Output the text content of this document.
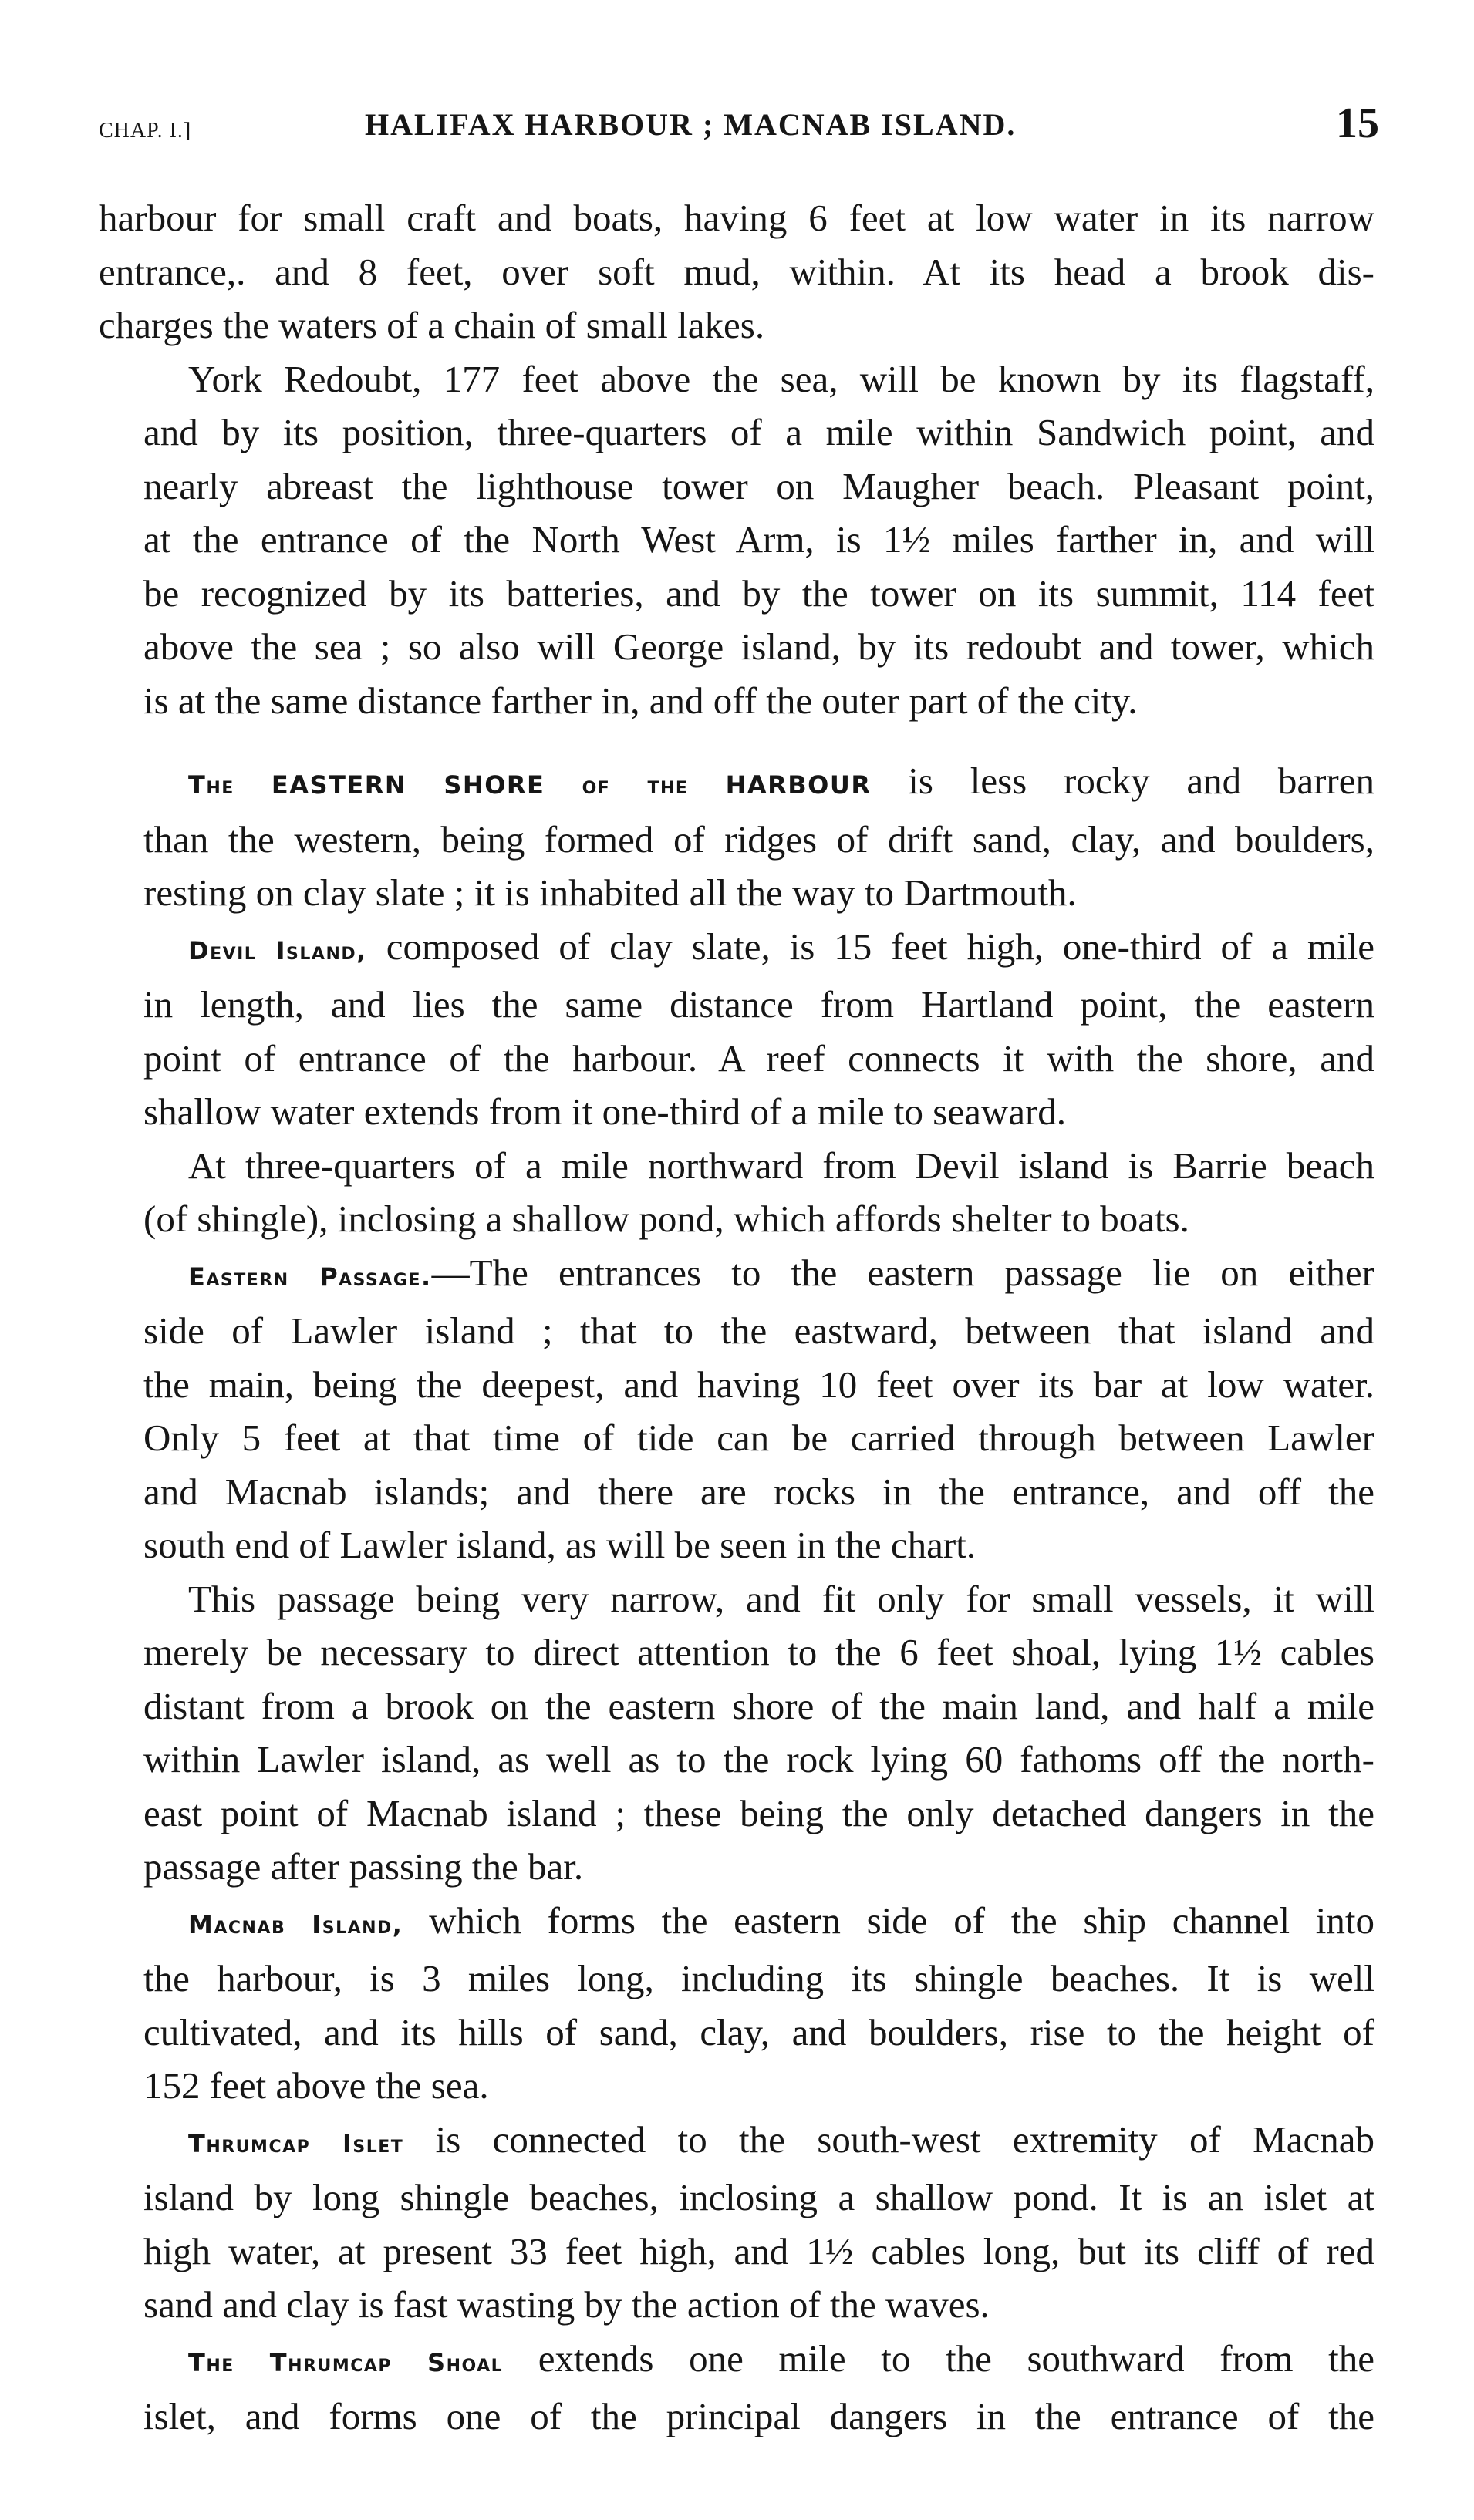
CHAP. I.]	HALIFAX HARBOUR ; MACNAB ISLAND.	15
harbour for small craft and boats, having 6 feet at low water in its narrow
entrance,. and 8 feet, over soft mud, within. At its head a brook dis-
charges the waters of a chain of small lakes.
York Redoubt, 177 feet above the sea, will be known by its flagstaff,
and by its position, three-quarters of a mile within Sandwich point, and
nearly abreast the lighthouse tower on Maugher beach. Pleasant point,
at the entrance of the North West Arm, is 1½ miles farther in, and will
be recognized by its batteries, and by the tower on its summit, 114 feet
above the sea ; so also will George island, by its redoubt and tower, which
is at the same distance farther in, and off the outer part of the city.
The EASTERN SHORE of the HARBOUR is less rocky and barren
than the western, being formed of ridges of drift sand, clay, and boulders,
resting on clay slate ; it is inhabited all the way to Dartmouth.
Devil Island, composed of clay slate, is 15 feet high, one-third of a mile
in length, and lies the same distance from Hartland point, the eastern
point of entrance of the harbour. A reef connects it with the shore, and
shallow water extends from it one-third of a mile to seaward.
At three-quarters of a mile northward from Devil island is Barrie beach
(of shingle), inclosing a shallow pond, which affords shelter to boats.
Eastern Passage.—The entrances to the eastern passage lie on either
side of Lawler island ; that to the eastward, between that island and
the main, being the deepest, and having 10 feet over its bar at low water.
Only 5 feet at that time of tide can be carried through between Lawler
and Macnab islands; and there are rocks in the entrance, and off the
south end of Lawler island, as will be seen in the chart.
This passage being very narrow, and fit only for small vessels, it will
merely be necessary to direct attention to the 6 feet shoal, lying 1½ cables
distant from a brook on the eastern shore of the main land, and half a mile
within Lawler island, as well as to the rock lying 60 fathoms off the north-
east point of Macnab island ; these being the only detached dangers in the
passage after passing the bar.
Macnab Island, which forms the eastern side of the ship channel into
the harbour, is 3 miles long, including its shingle beaches. It is well
cultivated, and its hills of sand, clay, and boulders, rise to the height of
152 feet above the sea.
Thrumcap Islet is connected to the south-west extremity of Macnab
island by long shingle beaches, inclosing a shallow pond. It is an islet at
high water, at present 33 feet high, and 1½ cables long, but its cliff of red
sand and clay is fast wasting by the action of the waves.
The Thrumcap Shoal extends one mile to the southward from the
islet, and forms one of the principal dangers in the entrance of the
